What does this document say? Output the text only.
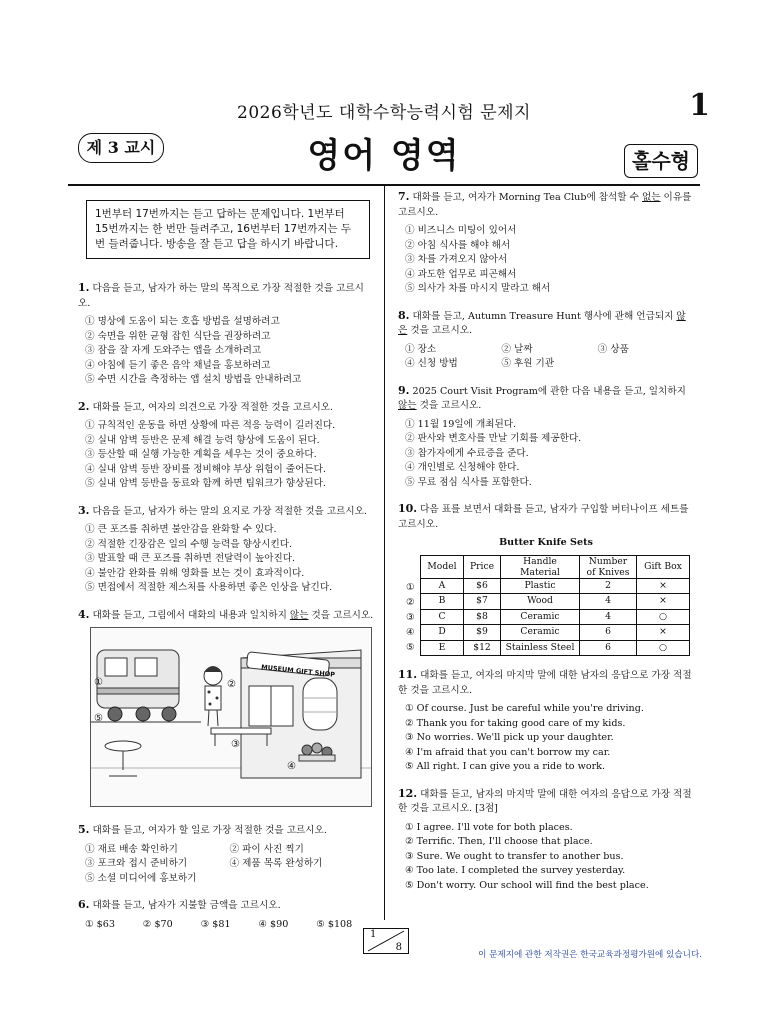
2026학년도 대학수학능력시험 문제지	1
제 3 교시	영어 영역	홀수형
1번부터 17번까지는 듣고 답하는 문제입니다. 1번부터 15번까지는 한 번만 들려주고, 16번부터 17번까지는 두 번 들려줍니다. 방송을 잘 듣고 답을 하시기 바랍니다.
1. 다음을 듣고, 남자가 하는 말의 목적으로 가장 적절한 것을 고르시오.
① 명상에 도움이 되는 호흡 방법을 설명하려고
② 숙면을 위한 균형 잡힌 식단을 권장하려고
③ 잠을 잘 자게 도와주는 앱을 소개하려고
④ 아침에 듣기 좋은 음악 채널을 홍보하려고
⑤ 수면 시간을 측정하는 앱 설치 방법을 안내하려고
2. 대화를 듣고, 여자의 의견으로 가장 적절한 것을 고르시오.
① 규칙적인 운동을 하면 상황에 따른 적응 능력이 길러진다.
② 실내 암벽 등반은 문제 해결 능력 향상에 도움이 된다.
③ 등산할 때 실행 가능한 계획을 세우는 것이 중요하다.
④ 실내 암벽 등반 장비를 정비해야 부상 위험이 줄어든다.
⑤ 실내 암벽 등반을 동료와 함께 하면 팀워크가 향상된다.
3. 다음을 듣고, 남자가 하는 말의 요지로 가장 적절한 것을 고르시오.
① 큰 포즈를 취하면 불안감을 완화할 수 있다.
② 적절한 긴장감은 일의 수행 능력을 향상시킨다.
③ 발표할 때 큰 포즈를 취하면 전달력이 높아진다.
④ 불안감 완화를 위해 영화를 보는 것이 효과적이다.
⑤ 면접에서 적절한 제스처를 사용하면 좋은 인상을 남긴다.
4. 대화를 듣고, 그림에서 대화의 내용과 일치하지 않는 것을 고르시오.
MUSEUM GIFT SHOP
①	②
③
④
⑤
5. 대화를 듣고, 여자가 할 일로 가장 적절한 것을 고르시오.
① 재료 배송 확인하기	② 파이 사진 찍기
③ 포크와 접시 준비하기	④ 제품 목록 완성하기
⑤ 소셜 미디어에 홍보하기
6. 대화를 듣고, 남자가 지불할 금액을 고르시오.
① $63	② $70	③ $81	④ $90	⑤ $108
7. 대화를 듣고, 여자가 Morning Tea Club에 참석할 수 없는 이유를 고르시오.
① 비즈니스 미팅이 있어서
② 아침 식사를 해야 해서
③ 차를 가져오지 않아서
④ 과도한 업무로 피곤해서
⑤ 의사가 차를 마시지 말라고 해서
8. 대화를 듣고, Autumn Treasure Hunt 행사에 관해 언급되지 않은 것을 고르시오.
① 장소	② 날짜	③ 상품
④ 신청 방법	⑤ 후원 기관
9. 2025 Court Visit Program에 관한 다음 내용을 듣고, 일치하지 않는 것을 고르시오.
① 11월 19일에 개최된다.
② 판사와 변호사를 만날 기회를 제공한다.
③ 참가자에게 수료증을 준다.
④ 개인별로 신청해야 한다.
⑤ 무료 점심 식사를 포함한다.
10. 다음 표를 보면서 대화를 듣고, 남자가 구입할 버터나이프 세트를 고르시오.
Butter Knife Sets
Model	Price	Handle Material	Number of Knives	Gift Box
A	$6	Plastic	2	×
B	$7	Wood	4	×
C	$8	Ceramic	4	○
D	$9	Ceramic	6	×
E	$12	Stainless Steel	6	○
①
②
③
④
⑤
11. 대화를 듣고, 여자의 마지막 말에 대한 남자의 응답으로 가장 적절한 것을 고르시오.
① Of course. Just be careful while you're driving.
② Thank you for taking good care of my kids.
③ No worries. We'll pick up your daughter.
④ I'm afraid that you can't borrow my car.
⑤ All right. I can give you a ride to work.
12. 대화를 듣고, 남자의 마지막 말에 대한 여자의 응답으로 가장 적절한 것을 고르시오. [3점]
① I agree. I'll vote for both places.
② Terrific. Then, I'll choose that place.
③ Sure. We ought to transfer to another bus.
④ Too late. I completed the survey yesterday.
⑤ Don't worry. Our school will find the best place.
1
8
이 문제지에 관한 저작권은 한국교육과정평가원에 있습니다.
